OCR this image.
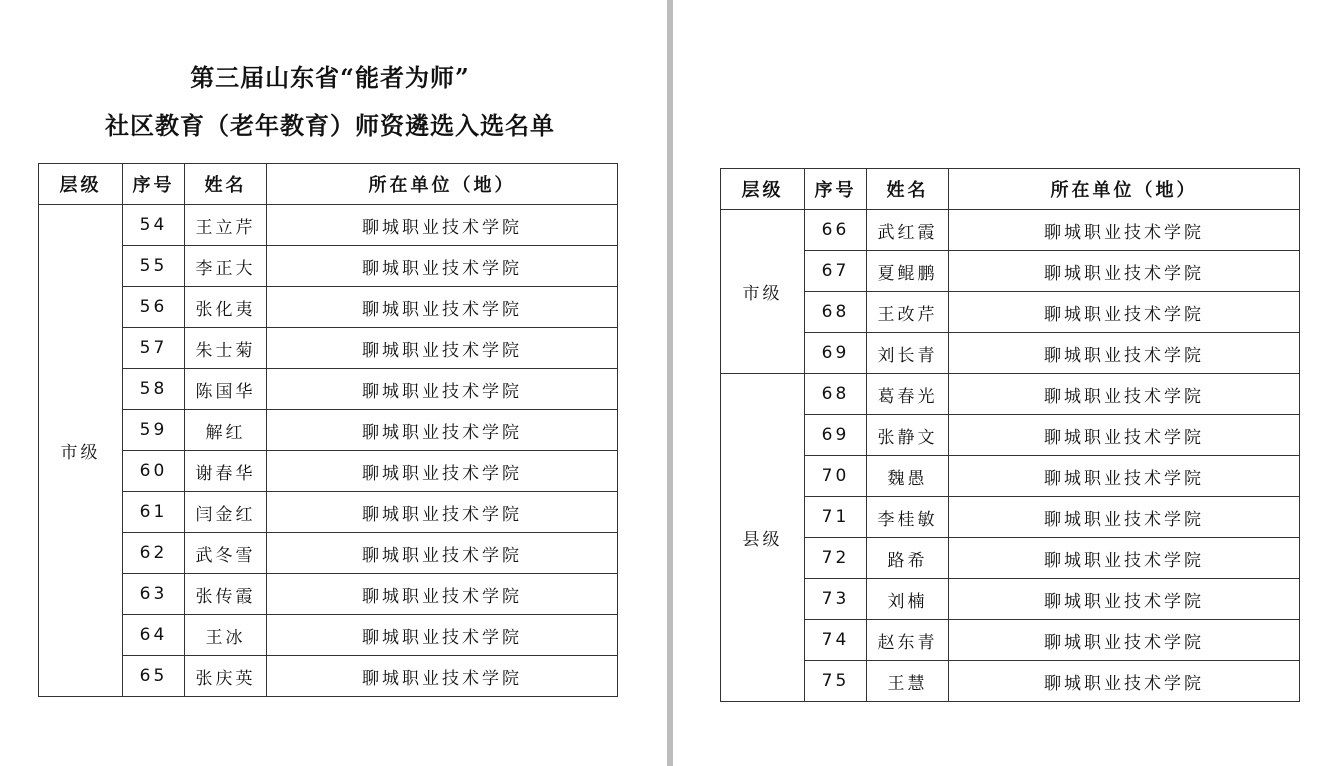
第三届山东省“能者为师”
社区教育（老年教育）师资遴选入选名单
层级	序号	姓名	所在单位（地）
市级	54	王立芹	聊城职业技术学院
	55	李正大	聊城职业技术学院
	56	张化夷	聊城职业技术学院
	57	朱士菊	聊城职业技术学院
	58	陈国华	聊城职业技术学院
	59	解红	聊城职业技术学院
	60	谢春华	聊城职业技术学院
	61	闫金红	聊城职业技术学院
	62	武冬雪	聊城职业技术学院
	63	张传霞	聊城职业技术学院
	64	王冰	聊城职业技术学院
	65	张庆英	聊城职业技术学院
层级	序号	姓名	所在单位（地）
市级	66	武红霞	聊城职业技术学院
	67	夏鲲鹏	聊城职业技术学院
	68	王改芹	聊城职业技术学院
	69	刘长青	聊城职业技术学院
县级	68	葛春光	聊城职业技术学院
	69	张静文	聊城职业技术学院
	70	魏愚	聊城职业技术学院
	71	李桂敏	聊城职业技术学院
	72	路希	聊城职业技术学院
	73	刘楠	聊城职业技术学院
	74	赵东青	聊城职业技术学院
	75	王慧	聊城职业技术学院
